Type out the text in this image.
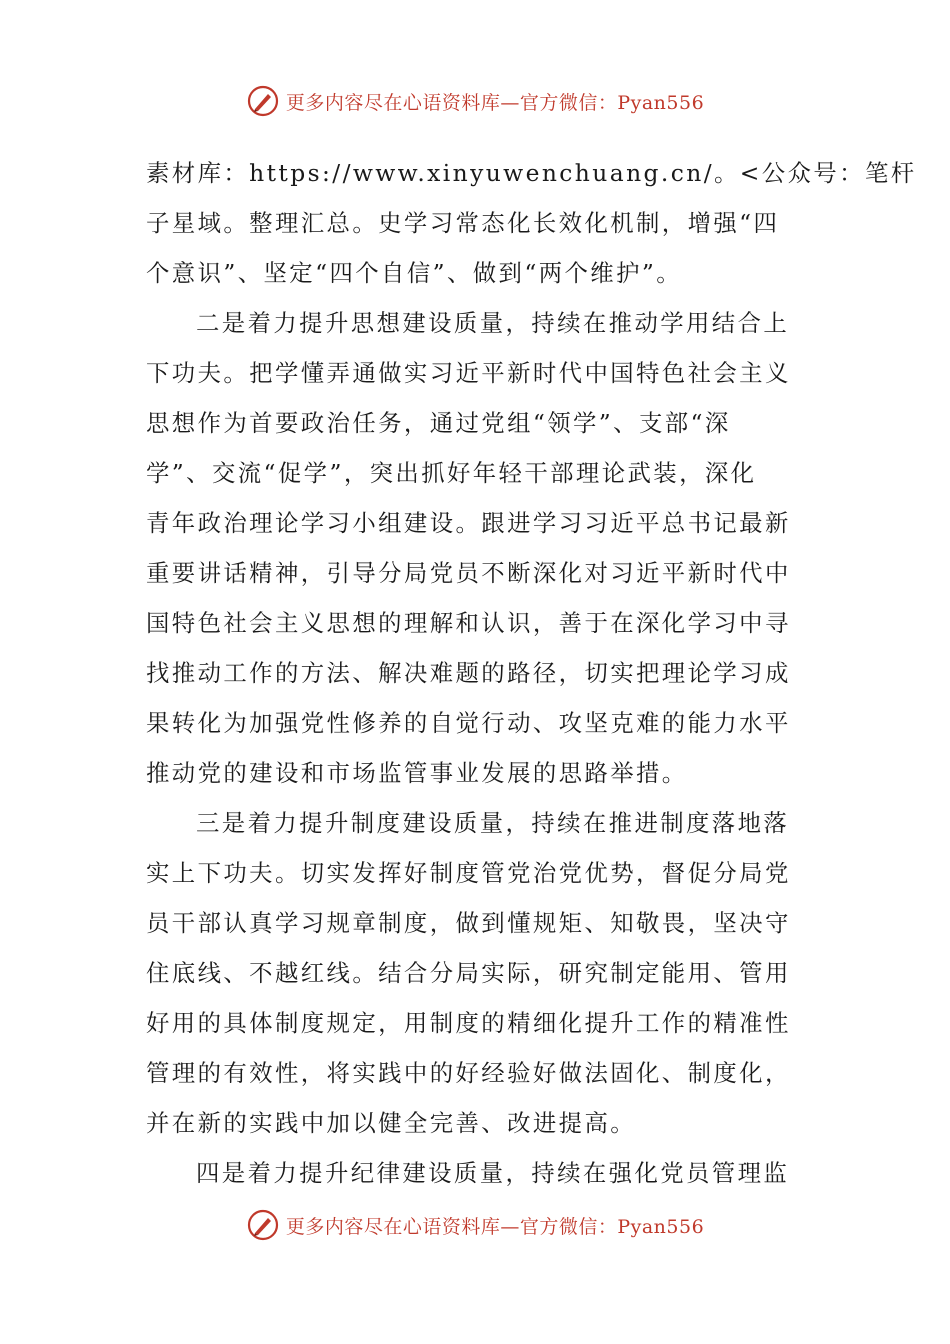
更多内容尽在心语资料库—官方微信：Pyan556
素材库：https://www.xinyuwenchuang.cn/。<公众号：笔杆
子星域。整理汇总。史学习常态化长效化机制，增强“四
个意识”、坚定“四个自信”、做到“两个维护”。
二是着力提升思想建设质量，持续在推动学用结合上
下功夫。把学懂弄通做实习近平新时代中国特色社会主义
思想作为首要政治任务，通过党组“领学”、支部“深
学”、交流“促学”，突出抓好年轻干部理论武装，深化
青年政治理论学习小组建设。跟进学习习近平总书记最新
重要讲话精神，引导分局党员不断深化对习近平新时代中
国特色社会主义思想的理解和认识，善于在深化学习中寻
找推动工作的方法、解决难题的路径，切实把理论学习成
果转化为加强党性修养的自觉行动、攻坚克难的能力水平
推动党的建设和市场监管事业发展的思路举措。
三是着力提升制度建设质量，持续在推进制度落地落
实上下功夫。切实发挥好制度管党治党优势，督促分局党
员干部认真学习规章制度，做到懂规矩、知敬畏，坚决守
住底线、不越红线。结合分局实际，研究制定能用、管用
好用的具体制度规定，用制度的精细化提升工作的精准性
管理的有效性，将实践中的好经验好做法固化、制度化，
并在新的实践中加以健全完善、改进提高。
四是着力提升纪律建设质量，持续在强化党员管理监
更多内容尽在心语资料库—官方微信：Pyan556
